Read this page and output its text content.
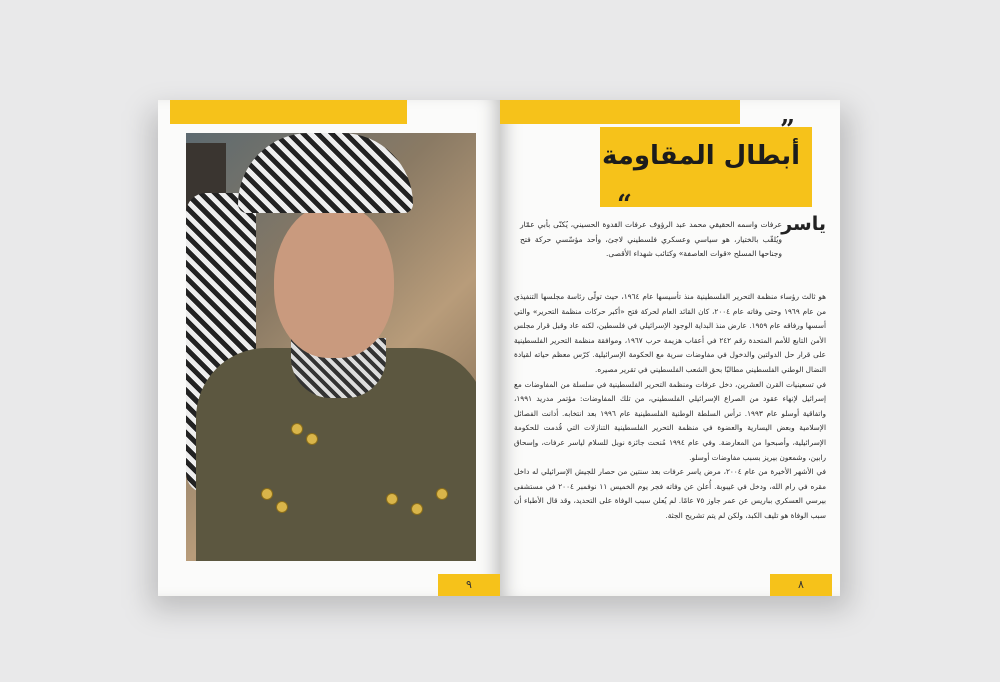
٩
أبطال المقاومة
”
“
ياسر
عرفات واسمه الحقيقي محمد عبد الرؤوف عرفات القدوة الحسيني، يُكنّى بأبي عمّار ويُلقّب بالختيار، هو سياسي وعسكري فلسطيني لاجئ، وأحد مؤسّسي حركة فتح وجناحها المسلح «قوات العاصفة» وكتائب شهداء الأقصى.

هو ثالث رؤساء منظمة التحرير الفلسطينية منذ تأسيسها عام ١٩٦٤، حيث تولّى رئاسة مجلسها التنفيذي من عام ١٩٦٩ وحتى وفاته عام ٢٠٠٤، كان القائد العام لحركة فتح «أكبر حركات منظمة التحرير» والتي أسسها ورفاقه عام ١٩٥٩. عارض منذ البداية الوجود الإسرائيلي في فلسطين، لكنه عاد وقبل قرار مجلس الأمن التابع للأمم المتحدة رقم ٢٤٢ في أعقاب هزيمة حرب ١٩٦٧، وموافقة منظمة التحرير الفلسطينية على قرار حل الدولتين والدخول في مفاوضات سرية مع الحكومة الإسرائيلية. كرّس معظم حياته لقيادة النضال الوطني الفلسطيني مطالبًا بحق الشعب الفلسطيني في تقرير مصيره.

في تسعينيات القرن العشرين، دخل عرفات ومنظمة التحرير الفلسطينية في سلسلة من المفاوضات مع إسرائيل لإنهاء عقود من الصراع الإسرائيلي الفلسطيني، من تلك المفاوضات: مؤتمر مدريد ١٩٩١، واتفاقية أوسلو عام ١٩٩٣. ترأس السلطة الوطنية الفلسطينية عام ١٩٩٦ بعد انتخابه. أدانت الفصائل الإسلامية وبعض اليسارية والعضوة في منظمة التحرير الفلسطينية التنازلات التي قُدمت للحكومة الإسرائيلية، وأصبحوا من المعارضة. وفي عام ١٩٩٤ مُنحت جائزة نوبل للسلام لياسر عرفات، وإسحاق رابين، وشمعون بيريز بسبب مفاوضات أوسلو.

في الأشهر الأخيرة من عام ٢٠٠٤، مرض ياسر عرفات بعد سنتين من حصار للجيش الإسرائيلي له داخل مقره في رام الله، ودخل في غيبوبة. أُعلن عن وفاته فجر يوم الخميس ١١ نوفمبر ٢٠٠٤ في مستشفى بيرسي العسكري بباريس عن عمر جاوز ٧٥ عامًا. لم يُعلن سبب الوفاة على التحديد، وقد قال الأطباء أن سبب الوفاة هو تليف الكبد، ولكن لم يتم تشريح الجثة.

٨
